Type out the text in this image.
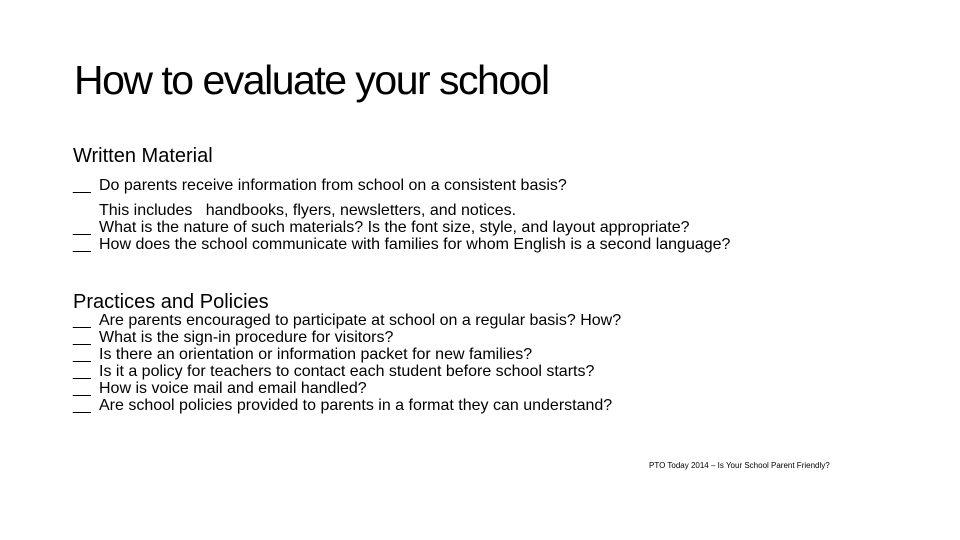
How to evaluate your school
Written Material
__ Do parents receive information from school on a consistent basis?
This includes   handbooks, flyers, newsletters, and notices.
__ What is the nature of such materials? Is the font size, style, and layout appropriate?
__ How does the school communicate with families for whom English is a second language?
Practices and Policies
__ Are parents encouraged to participate at school on a regular basis? How?
__ What is the sign-in procedure for visitors?
__ Is there an orientation or information packet for new families?
__ Is it a policy for teachers to contact each student before school starts?
__ How is voice mail and email handled?
__ Are school policies provided to parents in a format they can understand?
PTO Today 2014 – Is Your School Parent Friendly?
